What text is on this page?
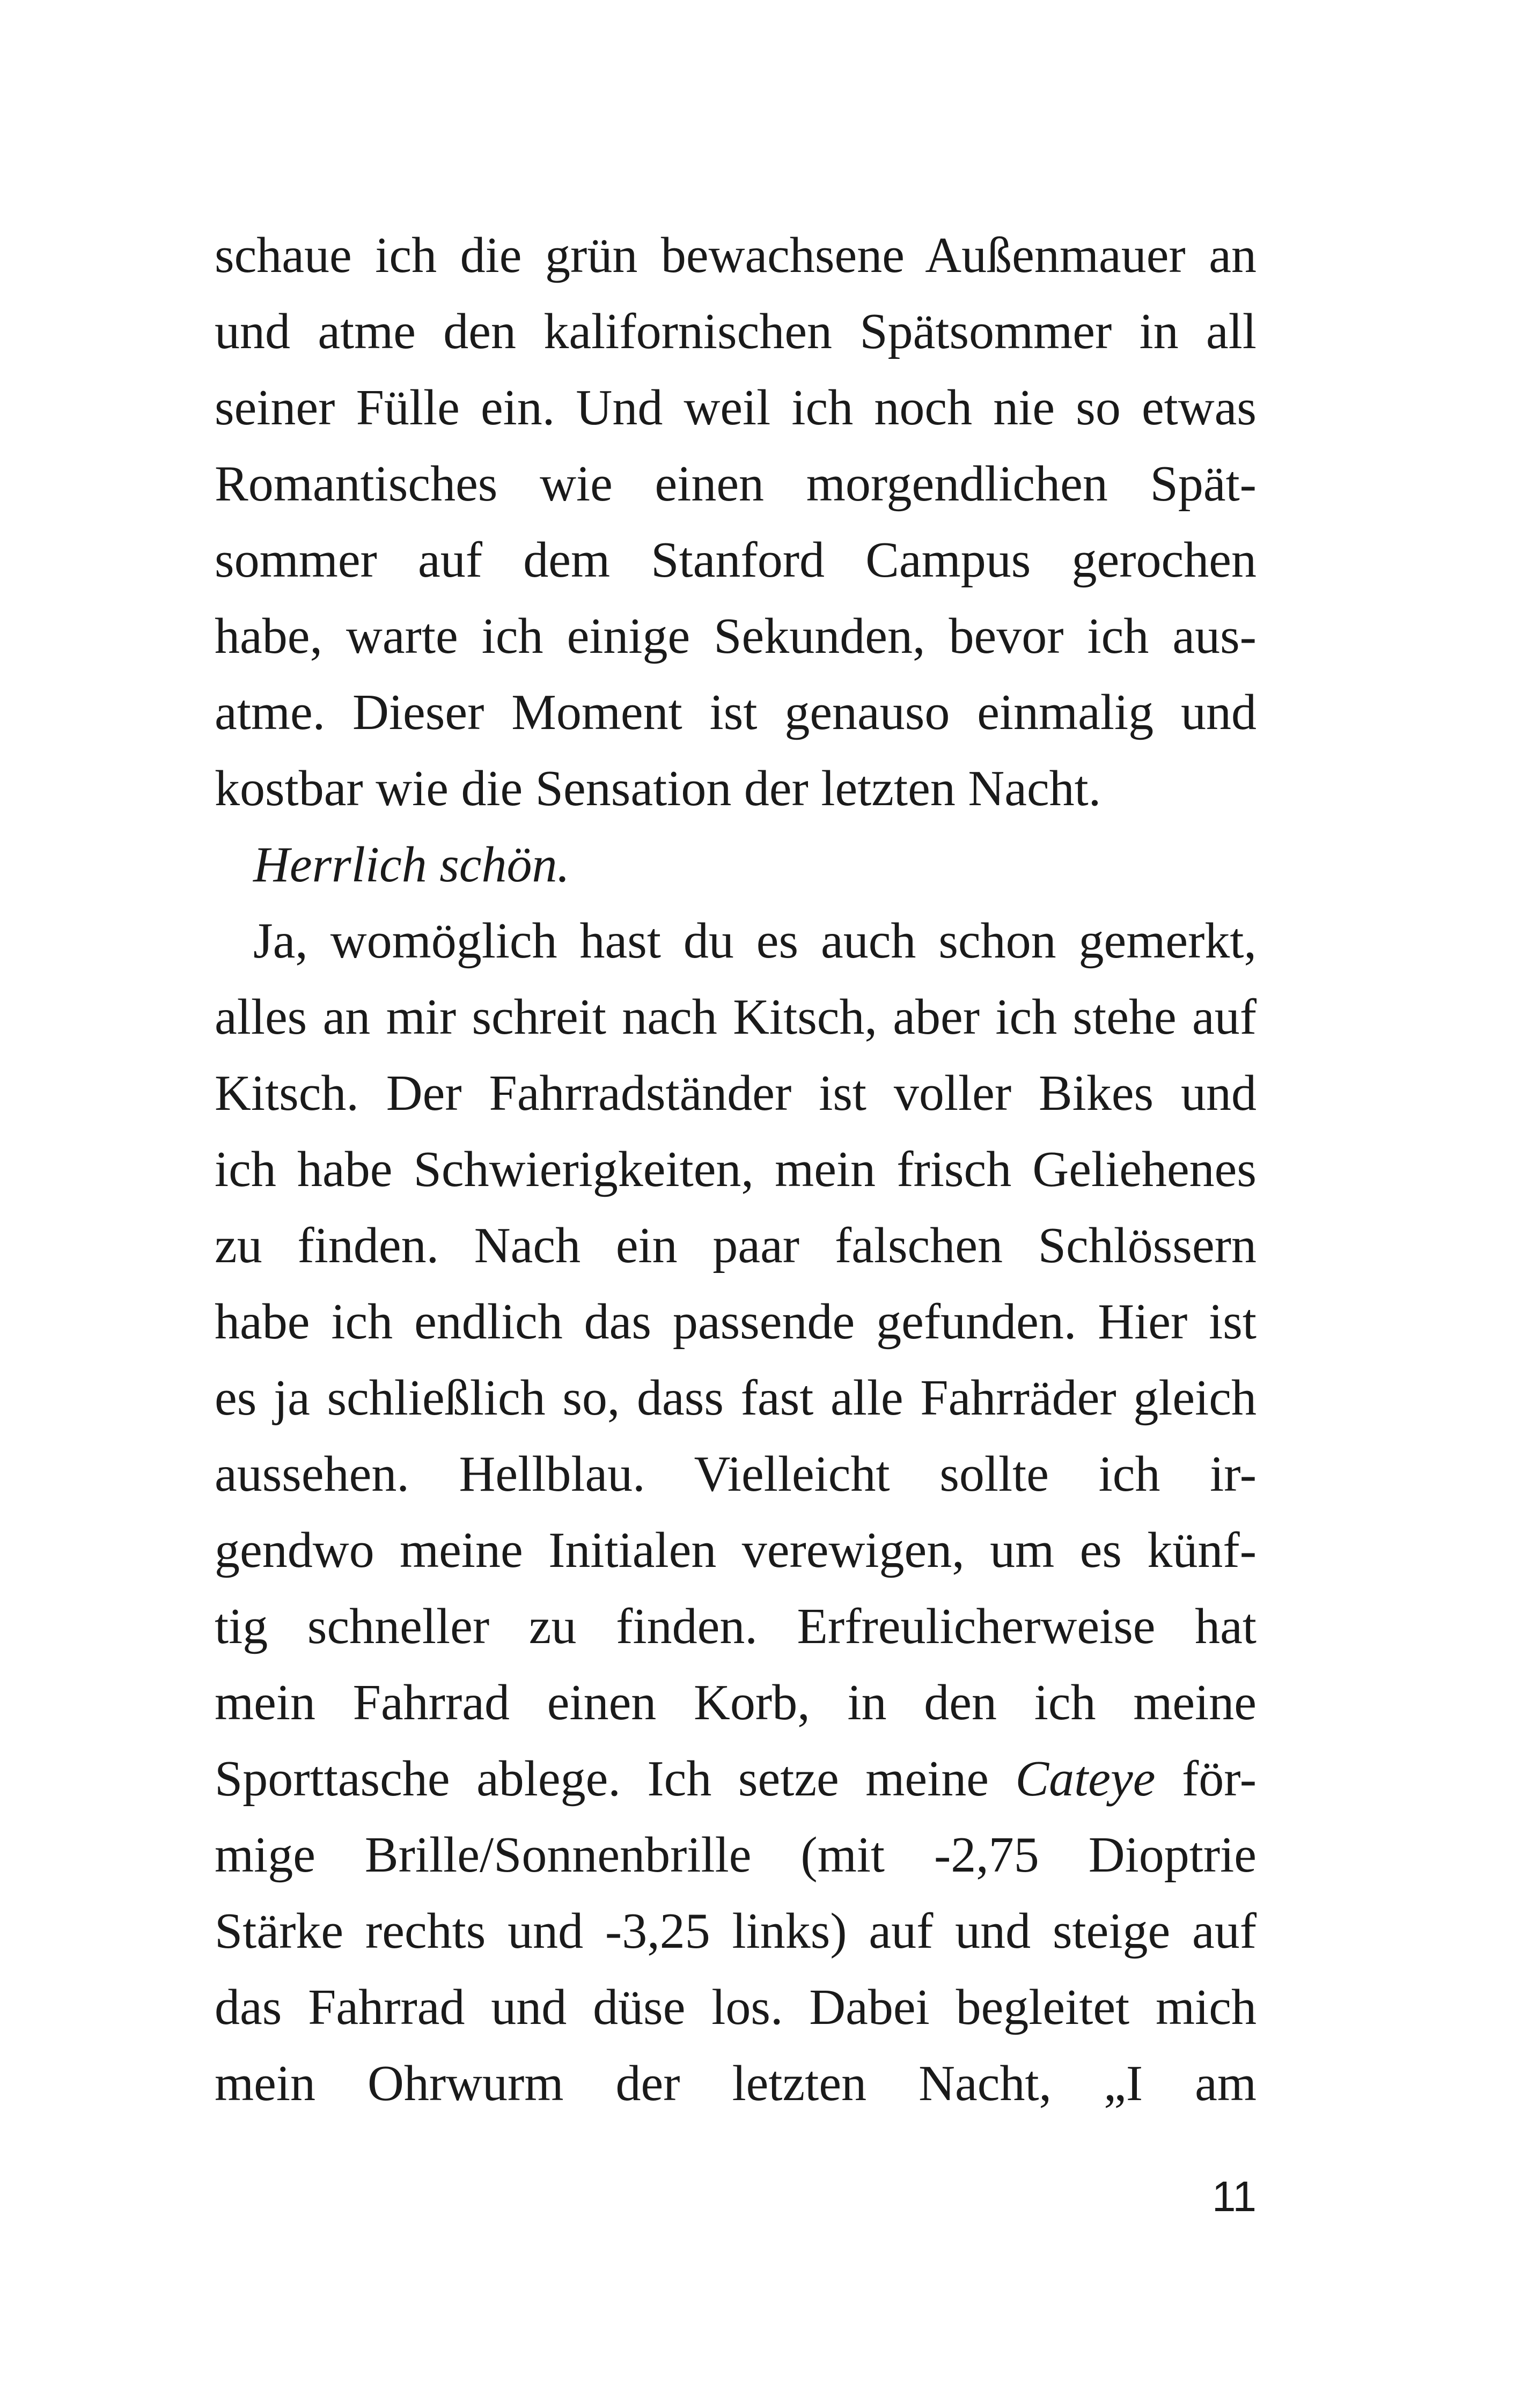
schaue ich die grün bewachsene Außenmauer an
und atme den kalifornischen Spätsommer in all
seiner Fülle ein. Und weil ich noch nie so etwas
Romantisches wie einen morgendlichen Spät-
sommer auf dem Stanford Campus gerochen
habe, warte ich einige Sekunden, bevor ich aus-
atme. Dieser Moment ist genauso einmalig und
kostbar wie die Sensation der letzten Nacht.
Herrlich schön.
Ja, womöglich hast du es auch schon gemerkt,
alles an mir schreit nach Kitsch, aber ich stehe auf
Kitsch. Der Fahrradständer ist voller Bikes und
ich habe Schwierigkeiten, mein frisch Geliehenes
zu finden. Nach ein paar falschen Schlössern
habe ich endlich das passende gefunden. Hier ist
es ja schließlich so, dass fast alle Fahrräder gleich
aussehen. Hellblau. Vielleicht sollte ich ir-
gendwo meine Initialen verewigen, um es künf-
tig schneller zu finden. Erfreulicherweise hat
mein Fahrrad einen Korb, in den ich meine
Sporttasche ablege. Ich setze meine Cateye för-
mige Brille/Sonnenbrille (mit -2,75 Dioptrie
Stärke rechts und -3,25 links) auf und steige auf
das Fahrrad und düse los. Dabei begleitet mich
mein Ohrwurm der letzten Nacht, „I am
11
